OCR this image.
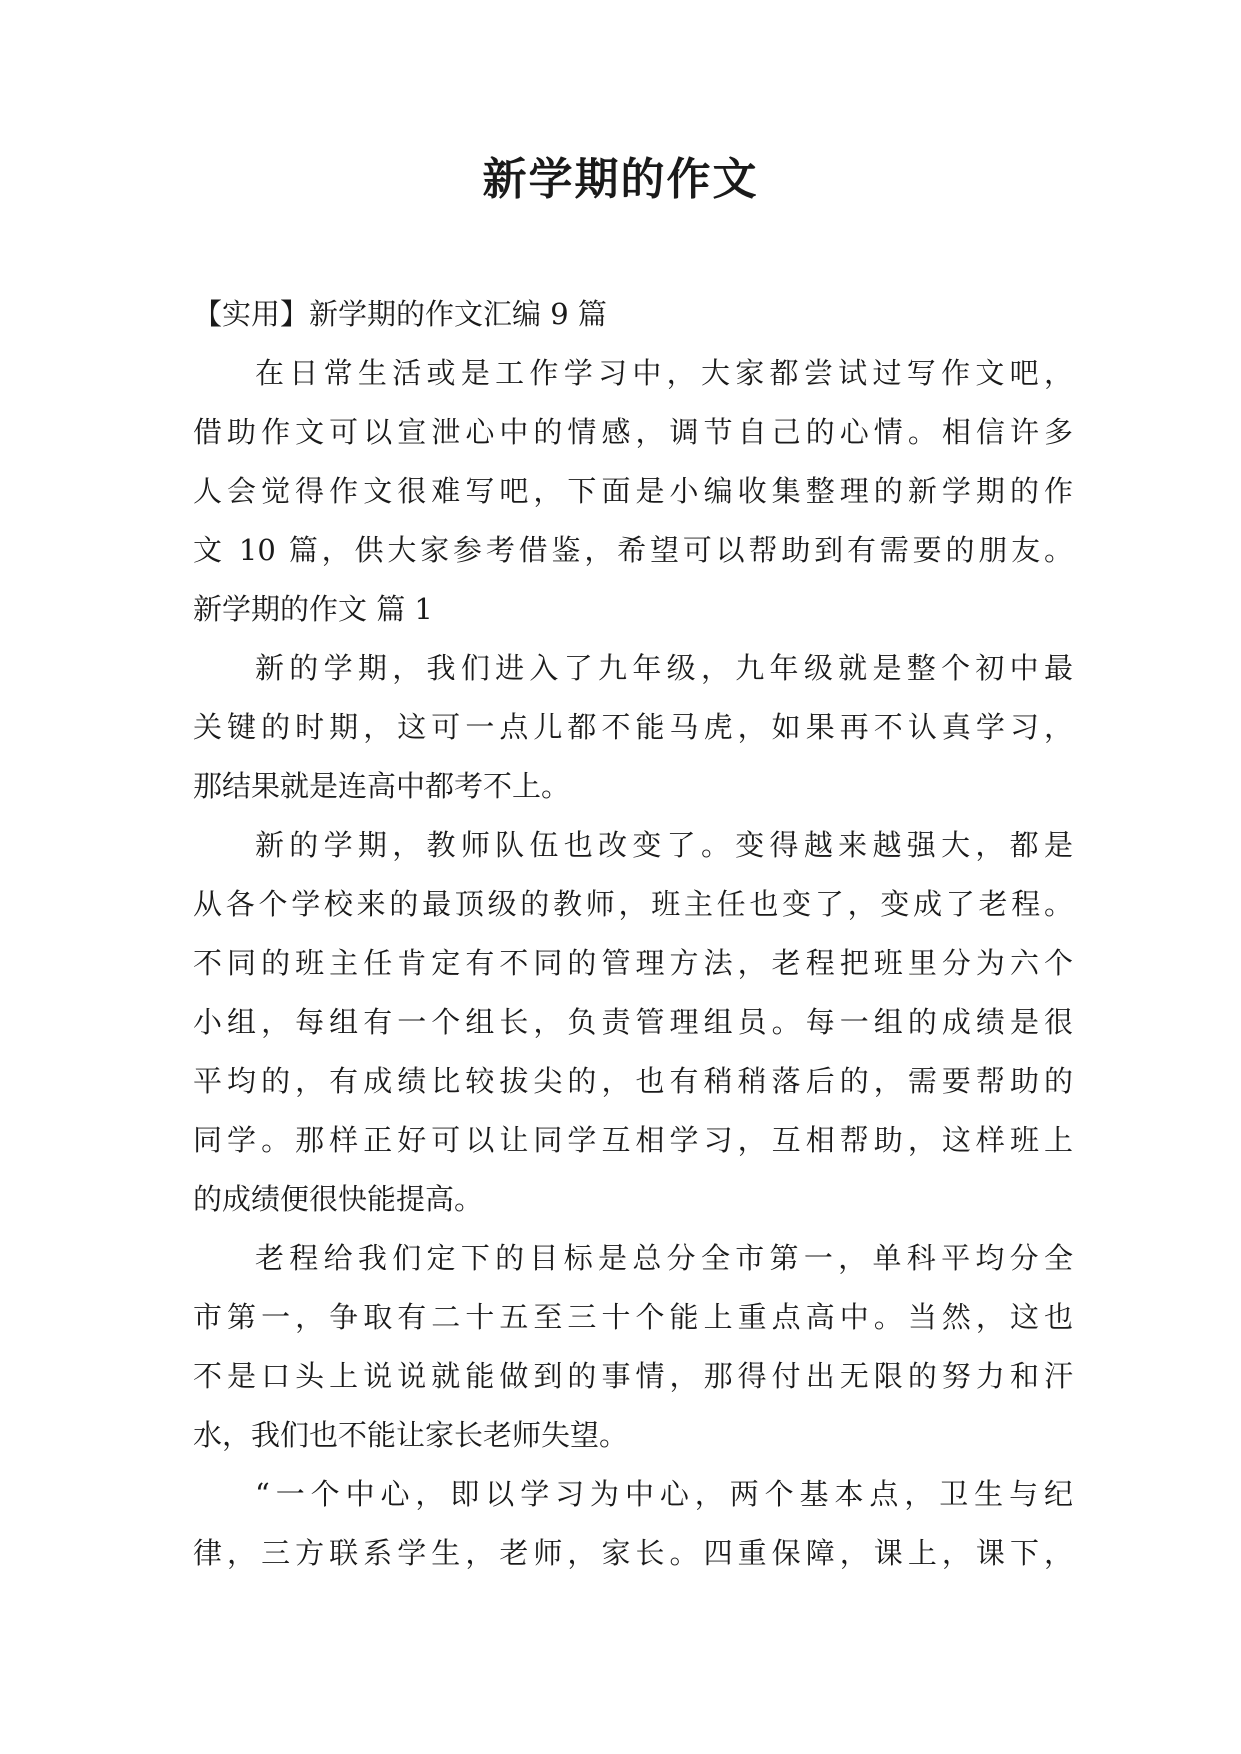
新学期的作文
【实用】新学期的作文汇编 9 篇
在日常生活或是工作学习中，大家都尝试过写作文吧，
借助作文可以宣泄心中的情感，调节自己的心情。相信许多
人会觉得作文很难写吧，下面是小编收集整理的新学期的作
文 10 篇，供大家参考借鉴，希望可以帮助到有需要的朋友。
新学期的作文 篇 1
新的学期，我们进入了九年级，九年级就是整个初中最
关键的时期，这可一点儿都不能马虎，如果再不认真学习，
那结果就是连高中都考不上。
新的学期，教师队伍也改变了。变得越来越强大，都是
从各个学校来的最顶级的教师，班主任也变了，变成了老程。
不同的班主任肯定有不同的管理方法，老程把班里分为六个
小组，每组有一个组长，负责管理组员。每一组的成绩是很
平均的，有成绩比较拔尖的，也有稍稍落后的，需要帮助的
同学。那样正好可以让同学互相学习，互相帮助，这样班上
的成绩便很快能提高。
老程给我们定下的目标是总分全市第一，单科平均分全
市第一，争取有二十五至三十个能上重点高中。当然，这也
不是口头上说说就能做到的事情，那得付出无限的努力和汗
水，我们也不能让家长老师失望。
“一个中心，即以学习为中心，两个基本点，卫生与纪
律，三方联系学生，老师，家长。四重保障，课上，课下，
